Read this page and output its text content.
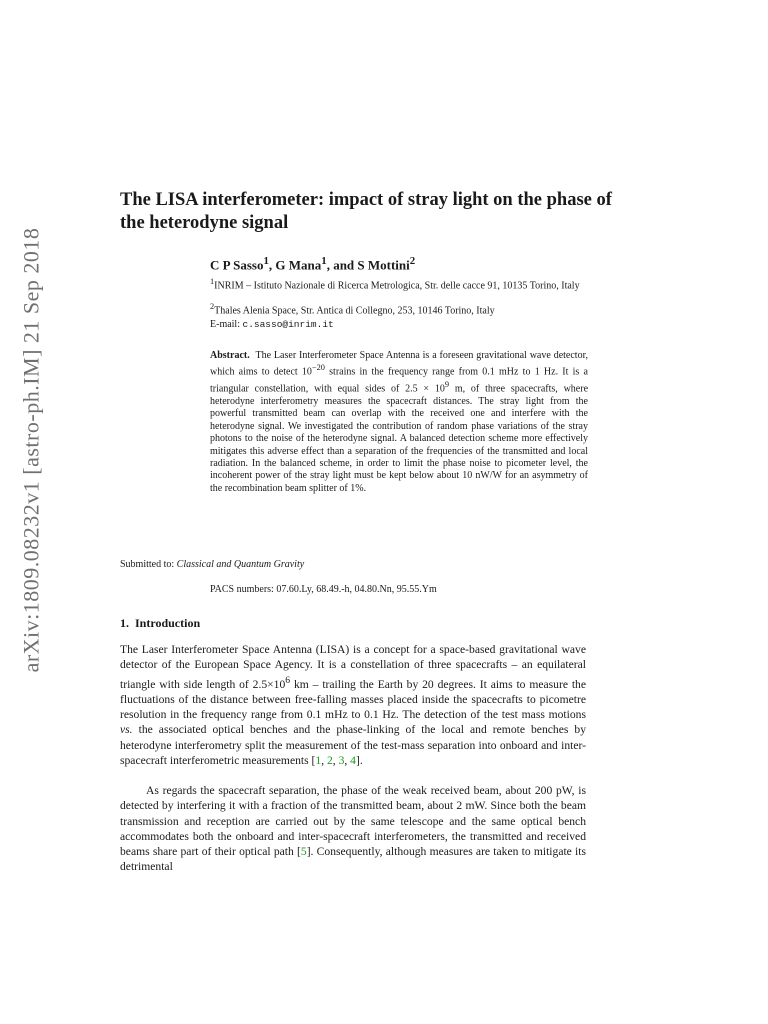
arXiv:1809.08232v1 [astro-ph.IM] 21 Sep 2018
The LISA interferometer: impact of stray light on the phase of the heterodyne signal
C P Sasso$^1$, G Mana$^1$, and S Mottini$^2$
$^1$INRIM – Istituto Nazionale di Ricerca Metrologica, Str. delle cacce 91, 10135 Torino, Italy
$^2$Thales Alenia Space, Str. Antica di Collegno, 253, 10146 Torino, Italy
E-mail: c.sasso@inrim.it

Abstract. The Laser Interferometer Space Antenna is a foreseen gravitational wave detector, which aims to detect $10^{-20}$ strains in the frequency range from 0.1 mHz to 1 Hz. It is a triangular constellation, with equal sides of $2.5 \times 10^9$ m, of three spacecrafts, where heterodyne interferometry measures the spacecraft distances. The stray light from the powerful transmitted beam can overlap with the received one and interfere with the heterodyne signal. We investigated the contribution of random phase variations of the stray photons to the noise of the heterodyne signal. A balanced detection scheme more effectively mitigates this adverse effect than a separation of the frequencies of the transmitted and local radiation. In the balanced scheme, in order to limit the phase noise to picometer level, the incoherent power of the stray light must be kept below about 10 nW/W for an asymmetry of the recombination beam splitter of 1%.

Submitted to: Classical and Quantum Gravity
PACS numbers: 07.60.Ly, 68.49.-h, 04.80.Nn, 95.55.Ym
1. Introduction

The Laser Interferometer Space Antenna (LISA) is a concept for a space-based gravitational wave detector of the European Space Agency. It is a constellation of three spacecrafts – an equilateral triangle with side length of $2.5\times 10^6$ km – trailing the Earth by 20 degrees. It aims to measure the fluctuations of the distance between free-falling masses placed inside the spacecrafts to picometre resolution in the frequency range from 0.1 mHz to 0.1 Hz. The detection of the test mass motions vs. the associated optical benches and the phase-linking of the local and remote benches by heterodyne interferometry split the measurement of the test-mass separation into onboard and inter-spacecraft interferometric measurements [1, 2, 3, 4].

As regards the spacecraft separation, the phase of the weak received beam, about 200 pW, is detected by interfering it with a fraction of the transmitted beam, about 2 mW. Since both the beam transmission and reception are carried out by the same telescope and the same optical bench accommodates both the onboard and inter-spacecraft interferometers, the transmitted and received beams share part of their optical path [5]. Consequently, although measures are taken to mitigate its detrimental
